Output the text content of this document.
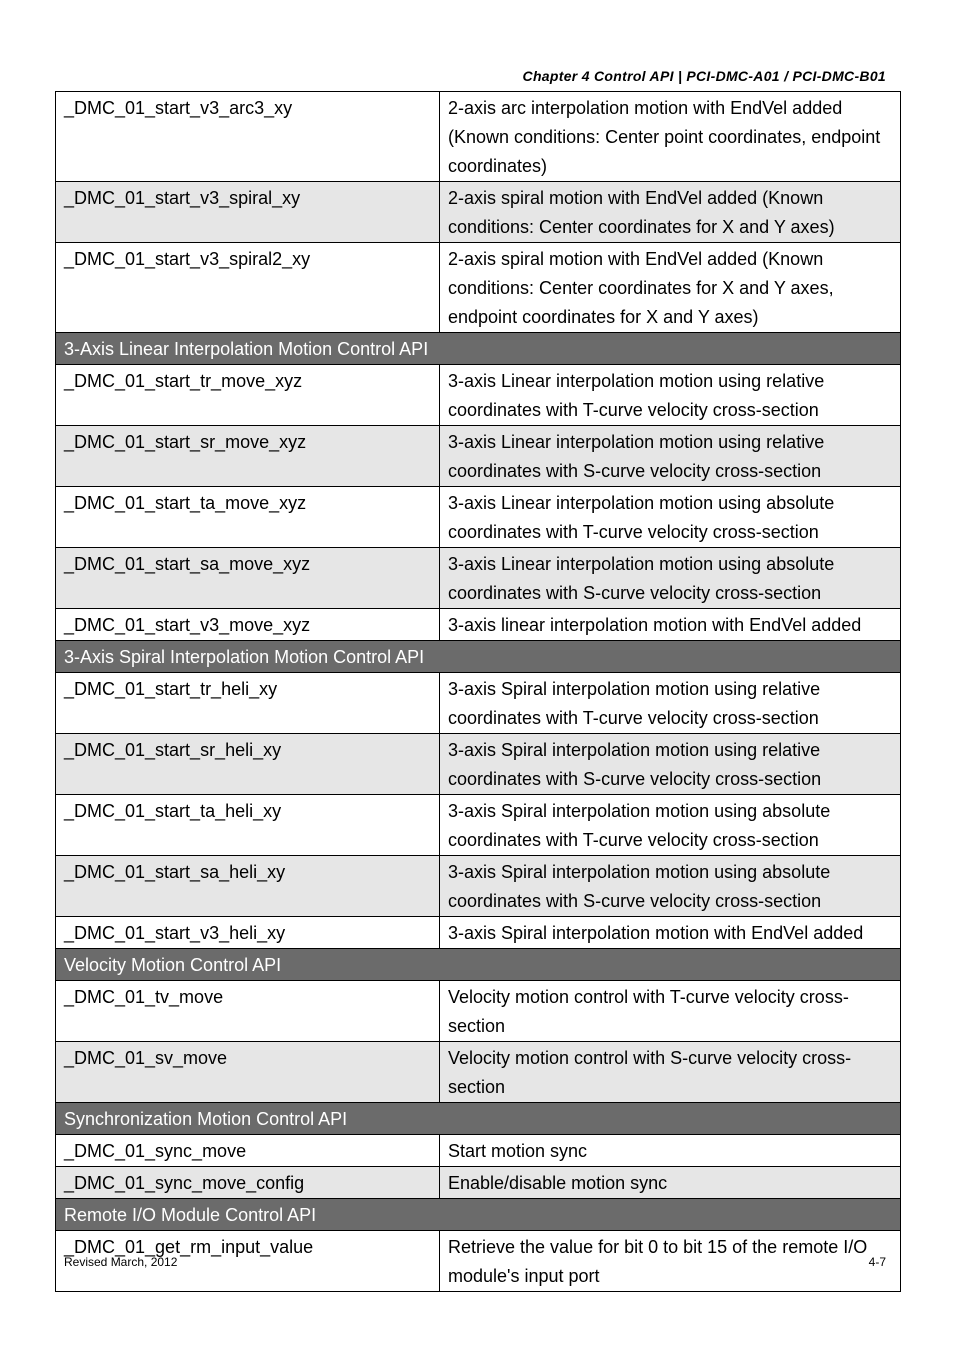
Chapter 4 Control API | PCI-DMC-A01 / PCI-DMC-B01
_DMC_01_start_v3_arc3_xy	2-axis arc interpolation motion with EndVel added (Known conditions: Center point coordinates, endpoint coordinates)
_DMC_01_start_v3_spiral_xy	2-axis spiral motion with EndVel added (Known conditions: Center coordinates for X and Y axes)
_DMC_01_start_v3_spiral2_xy	2-axis spiral motion with EndVel added (Known conditions: Center coordinates for X and Y axes, endpoint coordinates for X and Y axes)
3-Axis Linear Interpolation Motion Control API	
_DMC_01_start_tr_move_xyz	3-axis Linear interpolation motion using relative coordinates with T-curve velocity cross-section
_DMC_01_start_sr_move_xyz	3-axis Linear interpolation motion using relative coordinates with S-curve velocity cross-section
_DMC_01_start_ta_move_xyz	3-axis Linear interpolation motion using absolute coordinates with T-curve velocity cross-section
_DMC_01_start_sa_move_xyz	3-axis Linear interpolation motion using absolute coordinates with S-curve velocity cross-section
_DMC_01_start_v3_move_xyz	3-axis linear interpolation motion with EndVel added
3-Axis Spiral Interpolation Motion Control API	
_DMC_01_start_tr_heli_xy	3-axis Spiral interpolation motion using relative coordinates with T-curve velocity cross-section
_DMC_01_start_sr_heli_xy	3-axis Spiral interpolation motion using relative coordinates with S-curve velocity cross-section
_DMC_01_start_ta_heli_xy	3-axis Spiral interpolation motion using absolute coordinates with T-curve velocity cross-section
_DMC_01_start_sa_heli_xy	3-axis Spiral interpolation motion using absolute coordinates with S-curve velocity cross-section
_DMC_01_start_v3_heli_xy	3-axis Spiral interpolation motion with EndVel added
Velocity Motion Control API	
_DMC_01_tv_move	Velocity motion control with T-curve velocity cross-section
_DMC_01_sv_move	Velocity motion control with S-curve velocity cross-section
Synchronization Motion Control API	
_DMC_01_sync_move	Start motion sync
_DMC_01_sync_move_config	Enable/disable motion sync
Remote I/O Module Control API	
_DMC_01_get_rm_input_value	Retrieve the value for bit 0 to bit 15 of the remote I/O module's input port
Revised March, 2012	4-7
